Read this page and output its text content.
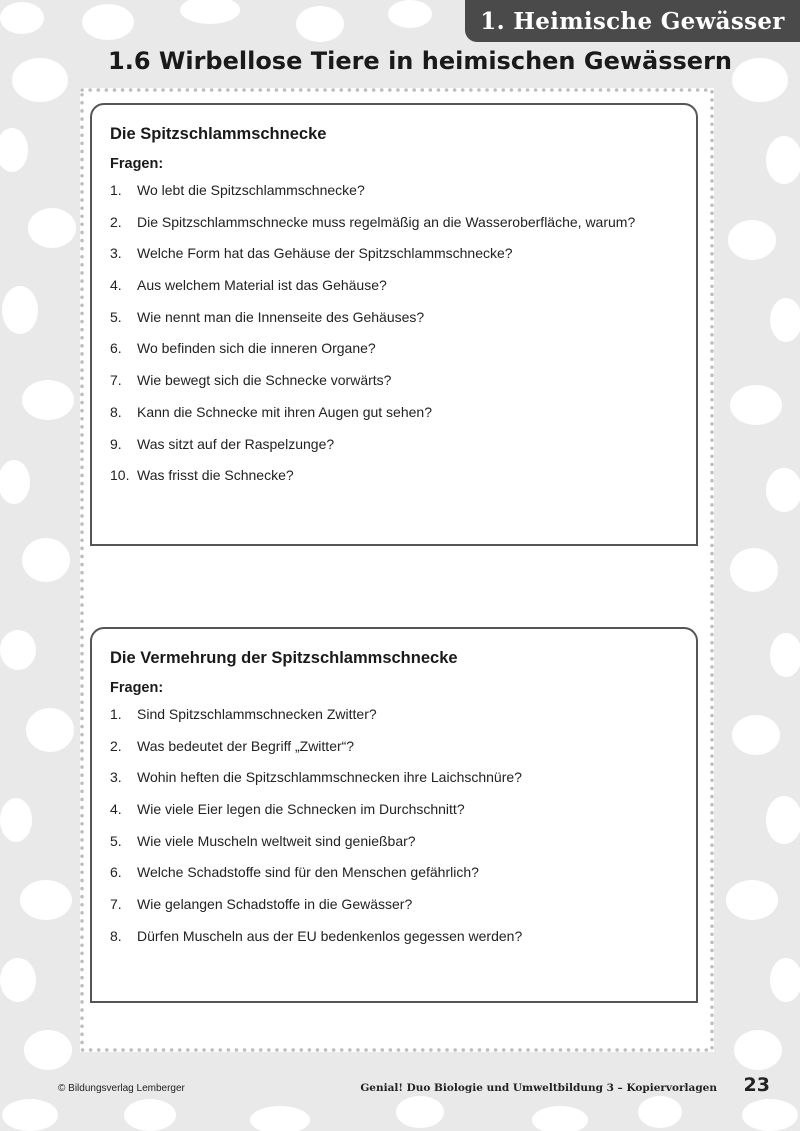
1. Heimische Gewässer
1.6 Wirbellose Tiere in heimischen Gewässern
Die Spitzschlammschnecke
Fragen:
1.	Wo lebt die Spitzschlammschnecke?
2.	Die Spitzschlammschnecke muss regelmäßig an die Wasseroberfläche, warum?
3.	Welche Form hat das Gehäuse der Spitzschlammschnecke?
4.	Aus welchem Material ist das Gehäuse?
5.	Wie nennt man die Innenseite des Gehäuses?
6.	Wo befinden sich die inneren Organe?
7.	Wie bewegt sich die Schnecke vorwärts?
8.	Kann die Schnecke mit ihren Augen gut sehen?
9.	Was sitzt auf der Raspelzunge?
10. Was frisst die Schnecke?
Die Vermehrung der Spitzschlammschnecke
Fragen:
1.	Sind Spitzschlammschnecken Zwitter?
2.	Was bedeutet der Begriff „Zwitter“?
3.	Wohin heften die Spitzschlammschnecken ihre Laichschnüre?
4.	Wie viele Eier legen die Schnecken im Durchschnitt?
5.	Wie viele Muscheln weltweit sind genießbar?
6.	Welche Schadstoffe sind für den Menschen gefährlich?
7.	Wie gelangen Schadstoffe in die Gewässer?
8.	Dürfen Muscheln aus der EU bedenkenlos gegessen werden?
© Bildungsverlag Lemberger	Genial! Duo Biologie und Umweltbildung 3 – Kopiervorlagen 23
